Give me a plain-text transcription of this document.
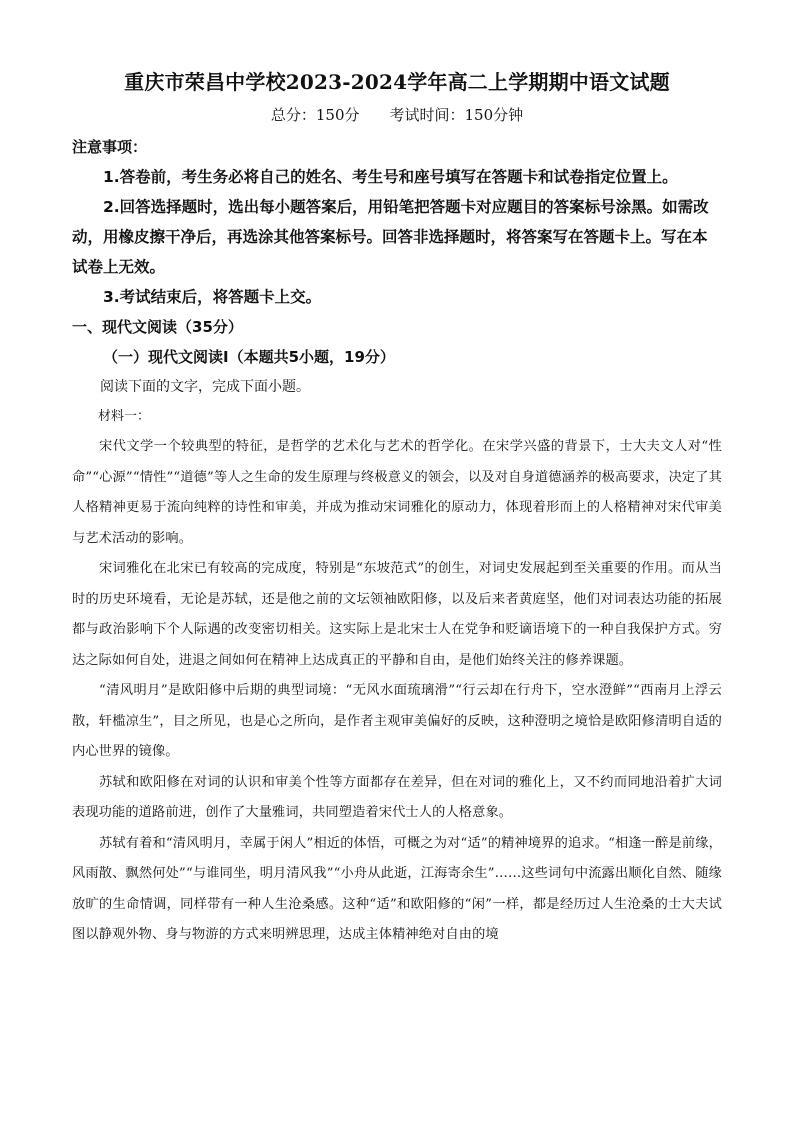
重庆市荣昌中学校2023-2024学年高二上学期期中语文试题

总分：150分 考试时间：150分钟

注意事项：

1.答卷前，考生务必将自己的姓名、考生号和座号填写在答题卡和试卷指定位置上。

2.回答选择题时，选出每小题答案后，用铅笔把答题卡对应题目的答案标号涂黑。如需改动，用橡皮擦干净后，再选涂其他答案标号。回答非选择题时，将答案写在答题卡上。写在本试卷上无效。

3.考试结束后，将答题卡上交。

一、现代文阅读（35分）

（一）现代文阅读Ⅰ（本题共5小题，19分）

阅读下面的文字，完成下面小题。

材料一：

宋代文学一个较典型的特征，是哲学的艺术化与艺术的哲学化。在宋学兴盛的背景下，士大夫文人对“性命”“心源”“情性”“道德”等人之生命的发生原理与终极意义的领会，以及对自身道德涵养的极高要求，决定了其人格精神更易于流向纯粹的诗性和审美，并成为推动宋词雅化的原动力，体现着形而上的人格精神对宋代审美与艺术活动的影响。

宋词雅化在北宋已有较高的完成度，特别是“东坡范式”的创生，对词史发展起到至关重要的作用。而从当时的历史环境看，无论是苏轼，还是他之前的文坛领袖欧阳修，以及后来者黄庭坚，他们对词表达功能的拓展都与政治影响下个人际遇的改变密切相关。这实际上是北宋士人在党争和贬谪语境下的一种自我保护方式。穷达之际如何自处，进退之间如何在精神上达成真正的平静和自由，是他们始终关注的修养课题。

“清风明月”是欧阳修中后期的典型词境：“无风水面琉璃滑”“行云却在行舟下，空水澄鲜”“西南月上浮云散，轩槛凉生”，目之所见，也是心之所向，是作者主观审美偏好的反映，这种澄明之境恰是欧阳修清明自适的内心世界的镜像。

苏轼和欧阳修在对词的认识和审美个性等方面都存在差异，但在对词的雅化上，又不约而同地沿着扩大词表现功能的道路前进，创作了大量雅词，共同塑造着宋代士人的人格意象。

苏轼有着和“清风明月，幸属于闲人”相近的体悟，可概之为对“适”的精神境界的追求。“相逢一醉是前缘，风雨散、飘然何处”“与谁同坐，明月清风我”“小舟从此逝，江海寄余生”……这些词句中流露出顺化自然、随缘放旷的生命情调，同样带有一种人生沧桑感。这种“适”和欧阳修的“闲”一样，都是经历过人生沧桑的士大夫试图以静观外物、身与物游的方式来明辨思理，达成主体精神绝对自由的境
